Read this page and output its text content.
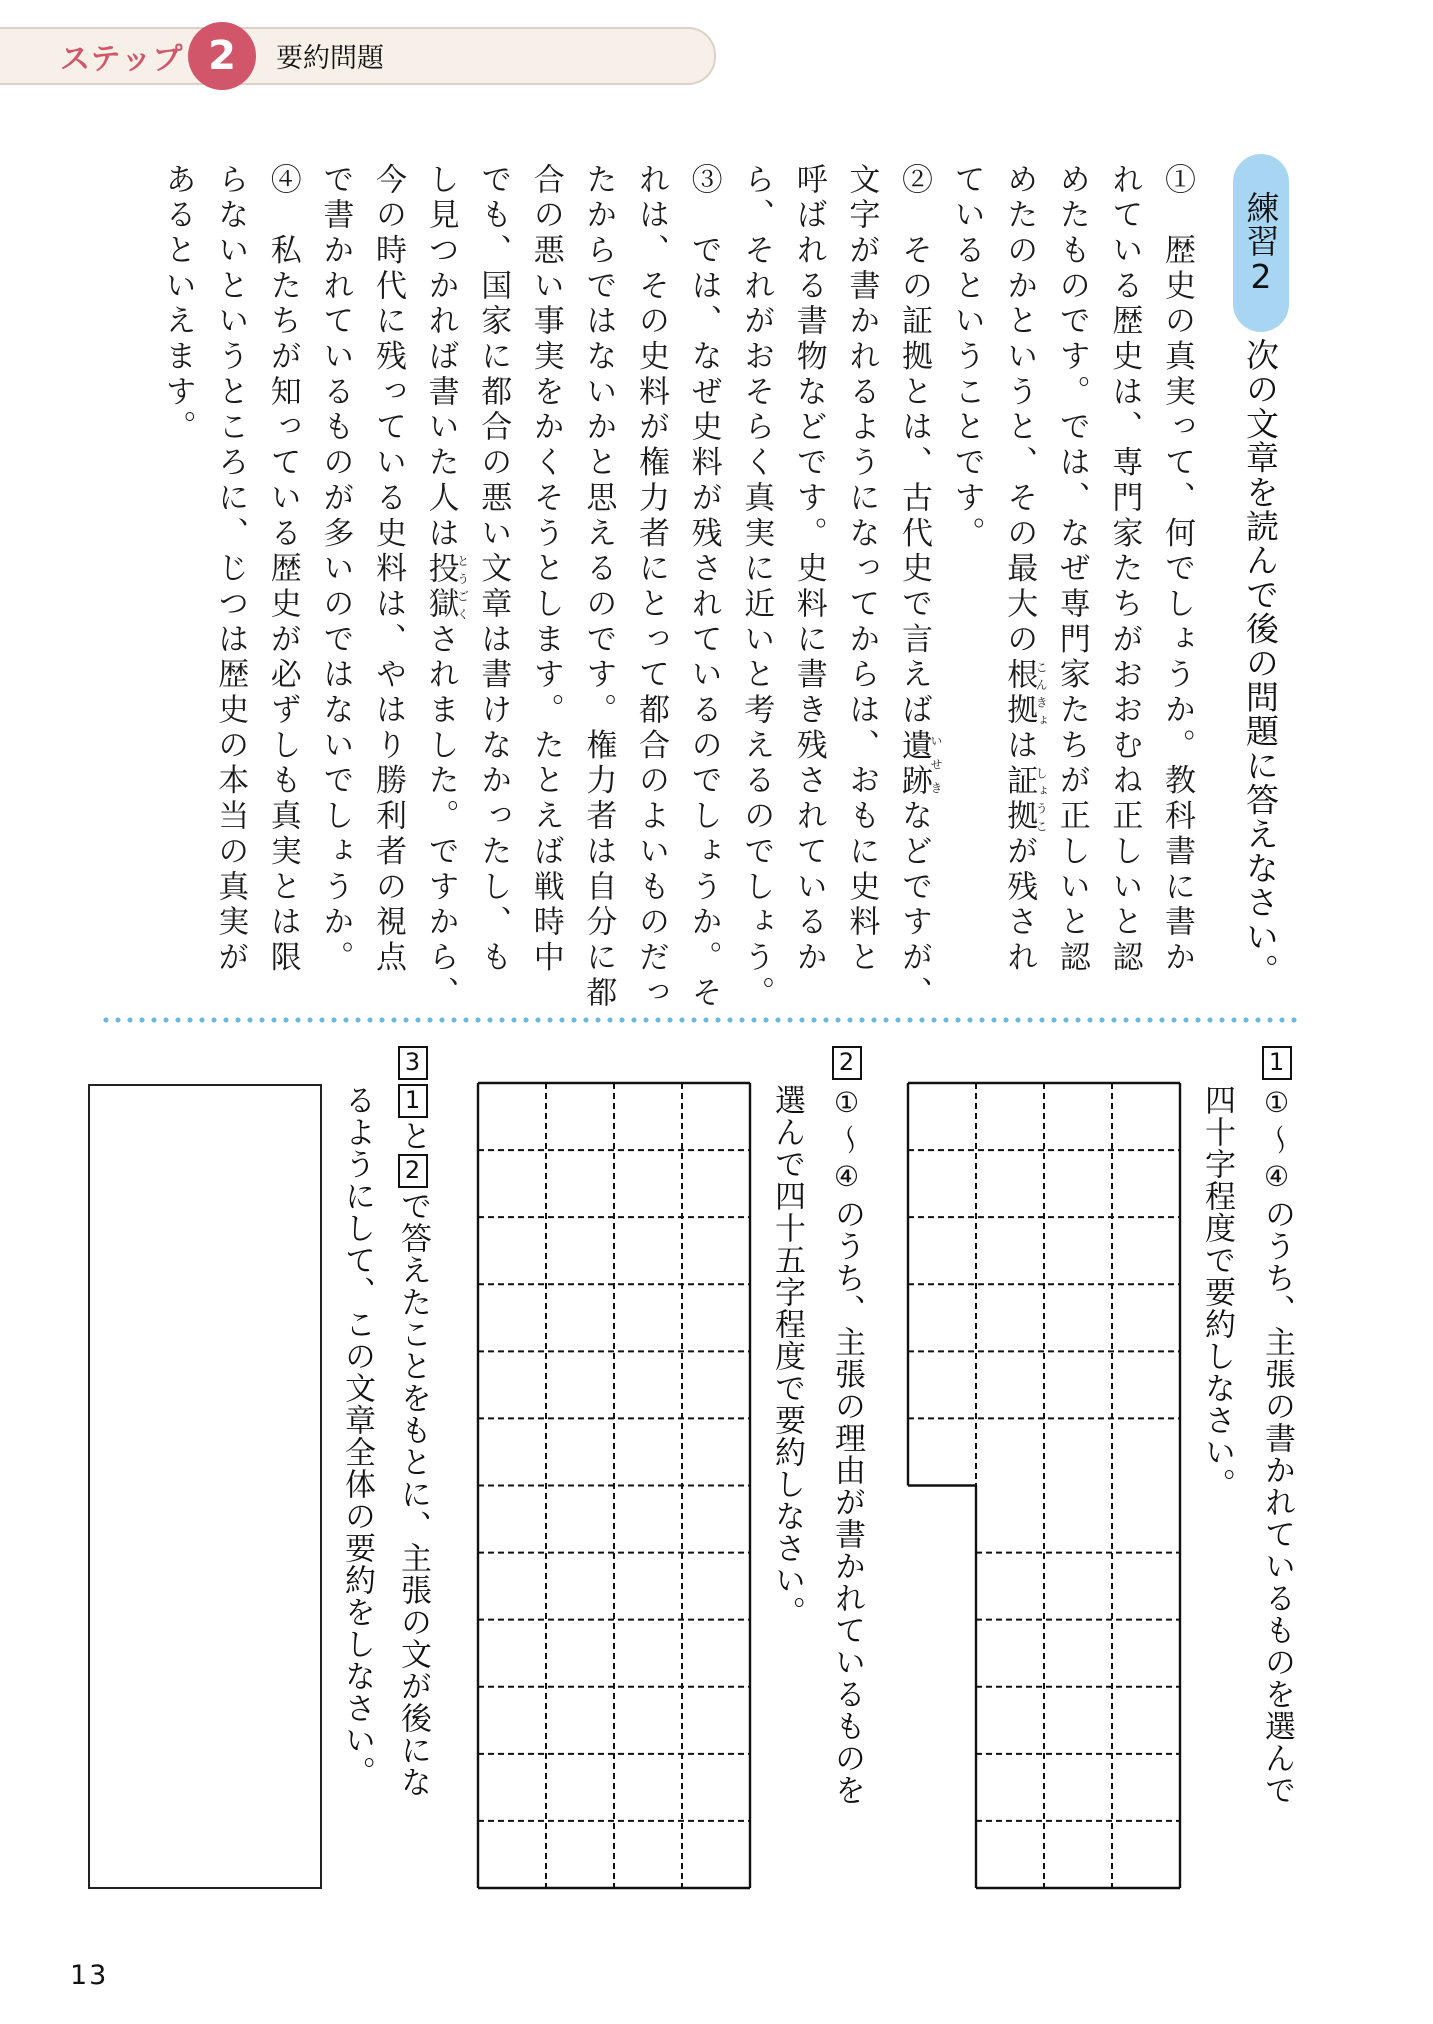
ステップ 2 要約問題
練習2
次の文章を読んで後の問題に答えなさい。
①　歴史の真実って、何でしょうか。教科書に書か
れている歴史は、専門家たちがおおむね正しいと認
めたものです。では、なぜ専門家たちが正しいと認
めたのかというと、その最大の根拠こんきょは証拠しょうこが残され
ているということです。
②　その証拠とは、古代史で言えば遺跡いせきなどですが、
文字が書かれるようになってからは、おもに史料と
呼ばれる書物などです。史料に書き残されているか
ら、それがおそらく真実に近いと考えるのでしょう。
③　では、なぜ史料が残されているのでしょうか。そ
れは、その史料が権力者にとって都合のよいものだっ
たからではないかと思えるのです。権力者は自分に都
合の悪い事実をかくそうとします。たとえば戦時中
でも、国家に都合の悪い文章は書けなかったし、も
し見つかれば書いた人は投獄とうごくされました。ですから、
今の時代に残っている史料は、やはり勝利者の視点
で書かれているものが多いのではないでしょうか。
④　私たちが知っている歴史が必ずしも真実とは限
らないというところに、じつは歴史の本当の真実が
あるといえます。
1①〜④のうち、主張の書かれているものを選んで
四十字程度で要約しなさい。
2①〜④のうち、主張の理由が書かれているものを
選んで四十五字程度で要約しなさい。
31と2で答えたことをもとに、主張の文が後にな
るようにして、この文章全体の要約をしなさい。
13
